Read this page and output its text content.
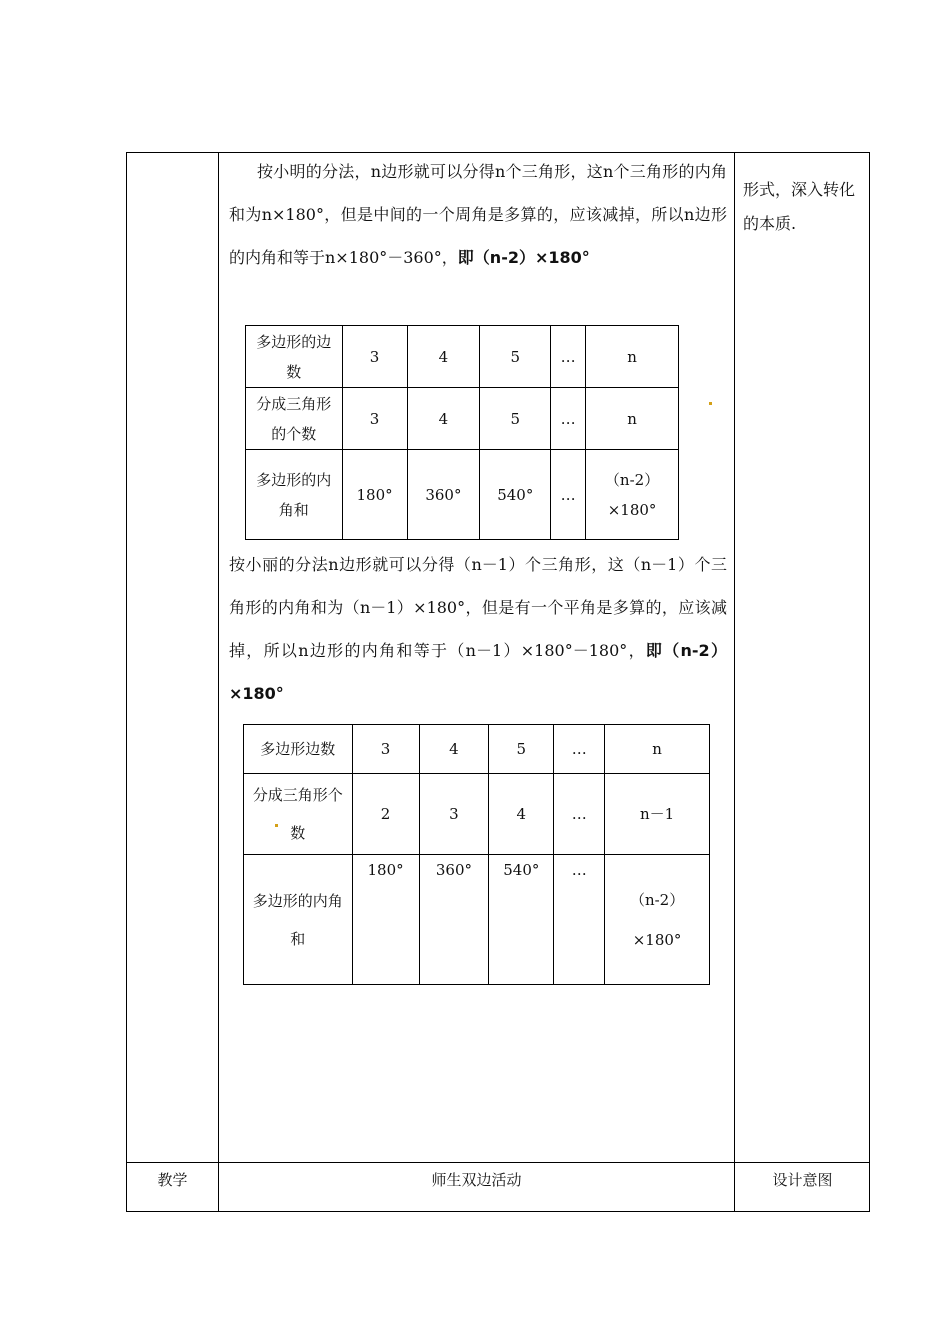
按小明的分法，n边形就可以分得n个三角形，这n个三角形的内角和为n×180°，但是中间的一个周角是多算的，应该减掉，所以n边形的内角和等于n×180°－360°，即（n-2）×180°

多边形的边数	3	4	5	…	n
分成三角形的个数	3	4	5	…	n
多边形的内角和	180°	360°	540°	…	（n-2）×180°

按小丽的分法n边形就可以分得（n－1）个三角形，这（n－1）个三角形的内角和为（n－1）×180°，但是有一个平角是多算的，应该减掉，所以n边形的内角和等于（n－1）×180°－180°，即（n-2）×180°

多边形边数	3	4	5	…	n
分成三角形个数	2	3	4	…	n－1
多边形的内角和	180°	360°	540°	…	（n-2）×180°
形式，深入转化的本质.
教学	师生双边活动	设计意图
